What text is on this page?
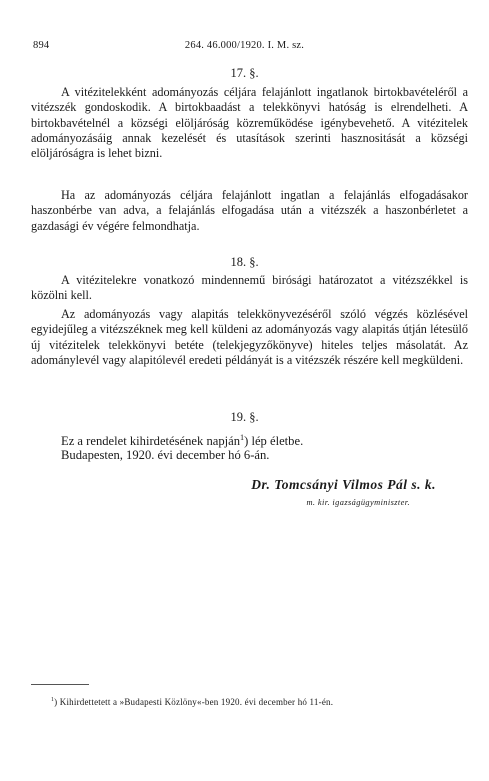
894	264. 46.000/1920. I. M. sz.
17. §.
A vitézitelekként adományozás céljára felajánlott ingatlanok birtokbavételéről a vitézszék gondoskodik. A birtokbaadást a telekkönyvi hatóság is elrendelheti. A birtokbavételnél a községi elöljáróság közreműködése igénybevehető. A vitézitelek adományozásáig annak kezelését és utasítások szerinti hasznositását a községi elöljáróságra is lehet bizni.
Ha az adományozás céljára felajánlott ingatlan a felajánlás elfogadásakor haszonbérbe van adva, a felajánlás elfogadása után a vitézszék a haszonbérletet a gazdasági év végére felmondhatja.
18. §.
A vitézitelekre vonatkozó mindennemű birósági határozatot a vitézszékkel is közölni kell.
Az adományozás vagy alapitás telekkönyvezéséről szóló végzés közlésével egyidejűleg a vitézszéknek meg kell küldeni az adományozás vagy alapitás útján létesülő új vitézitelek telekkönyvi betéte (telekjegyzőkönyve) hiteles teljes másolatát. Az adománylevél vagy alapitólevél eredeti példányát is a vitézszék részére kell megküldeni.
19. §.
Ez a rendelet kihirdetésének napján$^1$) lép életbe.
Budapesten, 1920. évi december hó 6-án.
Dr. Tomcsányi Vilmos Pál s. k.
m. kir. igazságügyminiszter.
$^1$) Kihirdettetett a »Budapesti Közlöny«-ben 1920. évi december hó 11-én.
